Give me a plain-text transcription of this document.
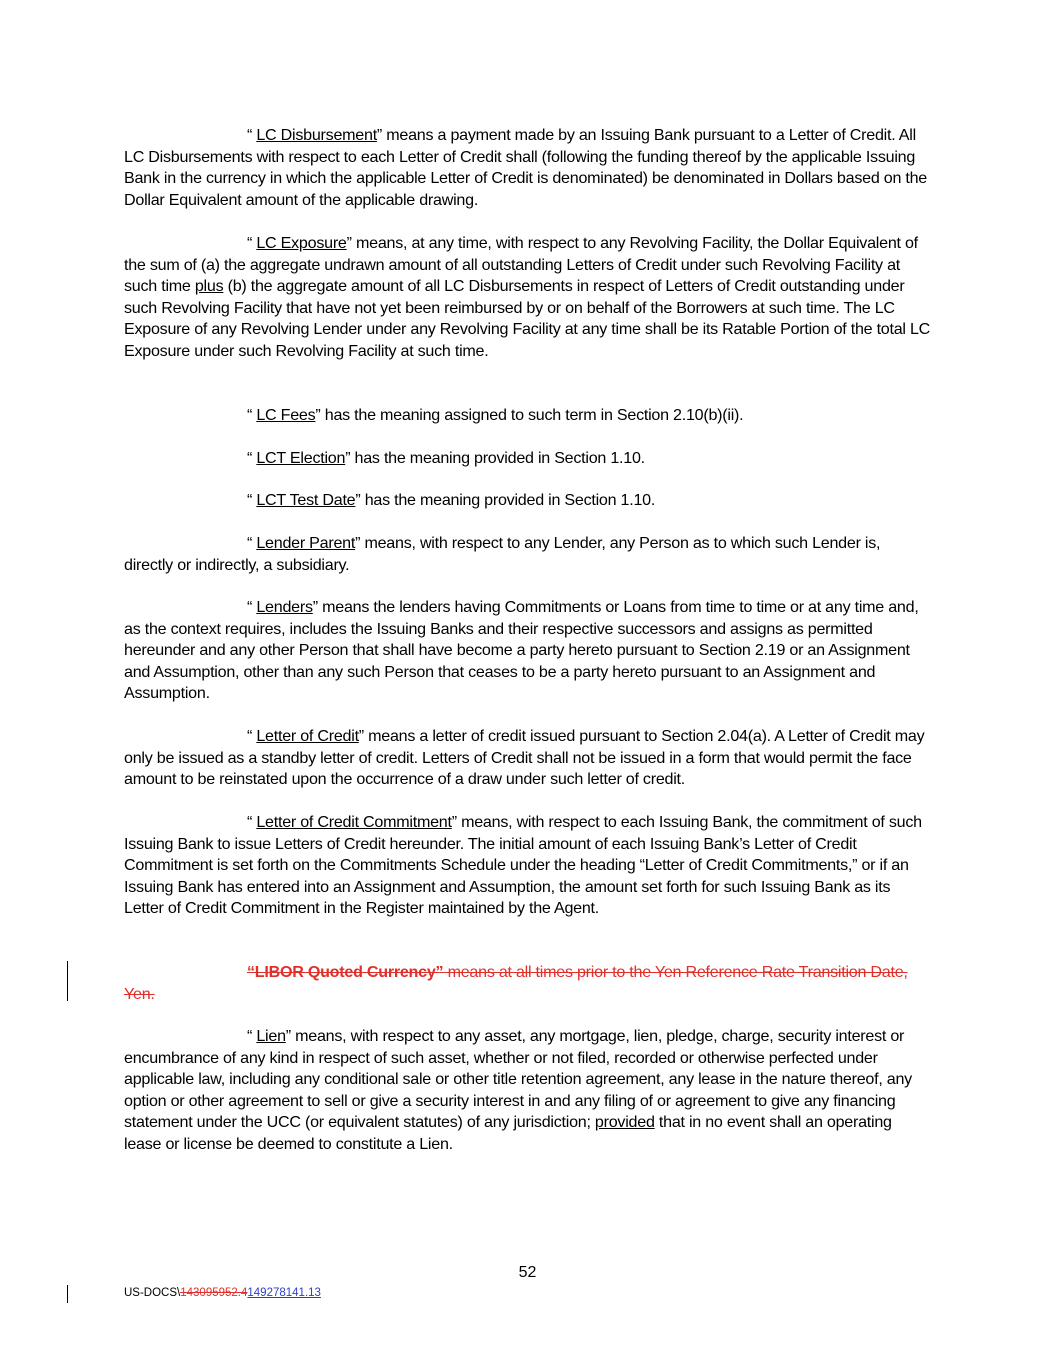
“ LC Disbursement” means a payment made by an Issuing Bank pursuant to a Letter of Credit. All LC Disbursements with respect to each Letter of Credit shall (following the funding thereof by the applicable Issuing Bank in the currency in which the applicable Letter of Credit is denominated) be denominated in Dollars based on the Dollar Equivalent amount of the applicable drawing.

“ LC Exposure” means, at any time, with respect to any Revolving Facility, the Dollar Equivalent of the sum of (a) the aggregate undrawn amount of all outstanding Letters of Credit under such Revolving Facility at such time plus (b) the aggregate amount of all LC Disbursements in respect of Letters of Credit outstanding under such Revolving Facility that have not yet been reimbursed by or on behalf of the Borrowers at such time. The LC Exposure of any Revolving Lender under any Revolving Facility at any time shall be its Ratable Portion of the total LC Exposure under such Revolving Facility at such time.

“ LC Fees” has the meaning assigned to such term in Section 2.10(b)(ii).

“ LCT Election” has the meaning provided in Section 1.10.

“ LCT Test Date” has the meaning provided in Section 1.10.

“ Lender Parent” means, with respect to any Lender, any Person as to which such Lender is, directly or indirectly, a subsidiary.

“ Lenders” means the lenders having Commitments or Loans from time to time or at any time and, as the context requires, includes the Issuing Banks and their respective successors and assigns as permitted hereunder and any other Person that shall have become a party hereto pursuant to Section 2.19 or an Assignment and Assumption, other than any such Person that ceases to be a party hereto pursuant to an Assignment and Assumption.

“ Letter of Credit” means a letter of credit issued pursuant to Section 2.04(a). A Letter of Credit may only be issued as a standby letter of credit. Letters of Credit shall not be issued in a form that would permit the face amount to be reinstated upon the occurrence of a draw under such letter of credit.

“ Letter of Credit Commitment” means, with respect to each Issuing Bank, the commitment of such Issuing Bank to issue Letters of Credit hereunder. The initial amount of each Issuing Bank’s Letter of Credit Commitment is set forth on the Commitments Schedule under the heading “Letter of Credit Commitments,” or if an Issuing Bank has entered into an Assignment and Assumption, the amount set forth for such Issuing Bank as its Letter of Credit Commitment in the Register maintained by the Agent.

“LIBOR Quoted Currency” means at all times prior to the Yen Reference Rate Transition Date, Yen.

“ Lien” means, with respect to any asset, any mortgage, lien, pledge, charge, security interest or encumbrance of any kind in respect of such asset, whether or not filed, recorded or otherwise perfected under applicable law, including any conditional sale or other title retention agreement, any lease in the nature thereof, any option or other agreement to sell or give a security interest in and any filing of or agreement to give any financing statement under the UCC (or equivalent statutes) of any jurisdiction; provided that in no event shall an operating lease or license be deemed to constitute a Lien.

52
US-DOCS\143095952.4149278141.13
